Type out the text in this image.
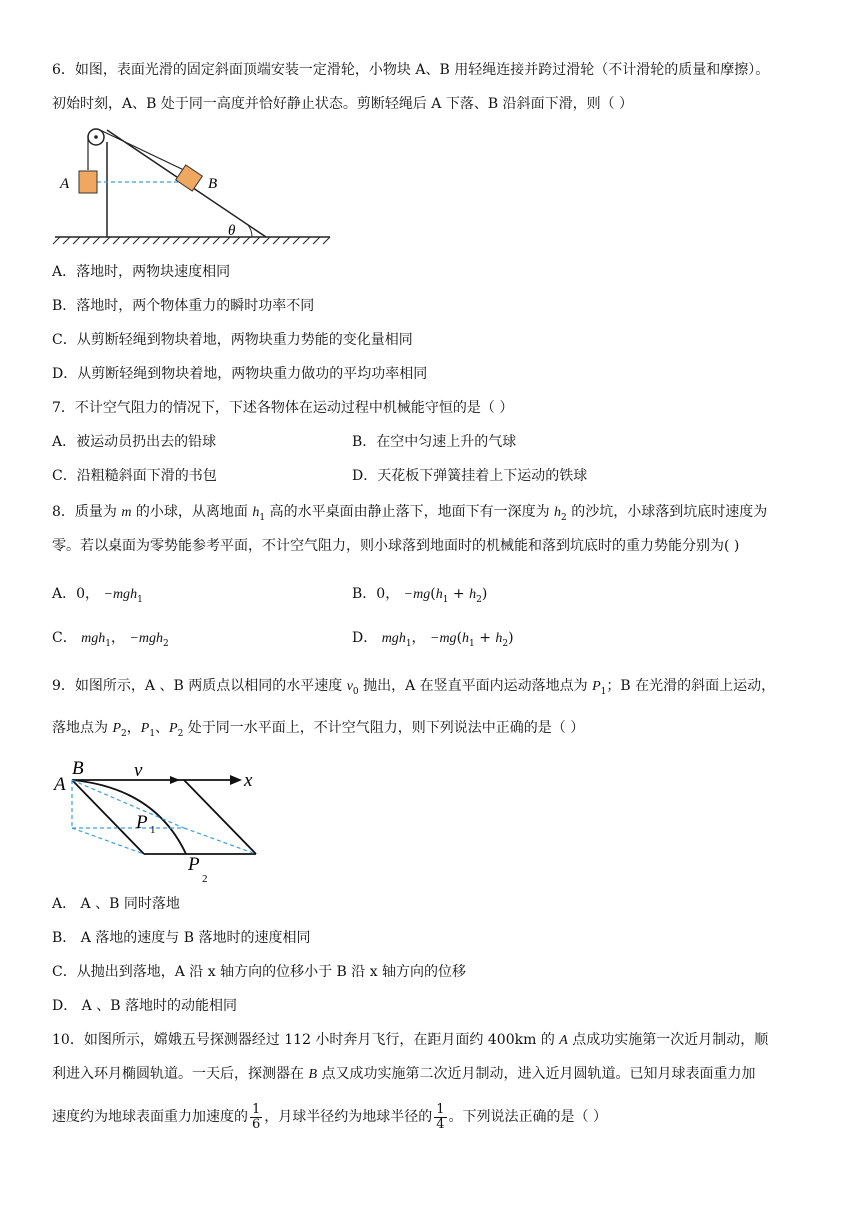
6．如图，表面光滑的固定斜面顶端安装一定滑轮，小物块 A、B 用轻绳连接并跨过滑轮（不计滑轮的质量和摩擦）。
初始时刻，A、B 处于同一高度并恰好静止状态。剪断轻绳后 A 下落、B 沿斜面下滑，则（ ）
A	B
θ
A．落地时，两物块速度相同
B．落地时，两个物体重力的瞬时功率不同
C．从剪断轻绳到物块着地，两物块重力势能的变化量相同
D．从剪断轻绳到物块着地，两物块重力做功的平均功率相同
7．不计空气阻力的情况下，下述各物体在运动过程中机械能守恒的是（ ）
A．被运动员扔出去的铅球	B．在空中匀速上升的气球
C．沿粗糙斜面下滑的书包	D．天花板下弹簧挂着上下运动的铁球
8．质量为 m 的小球，从离地面 $h_1$ 高的水平桌面由静止落下，地面下有一深度为 $h_2$ 的沙坑，小球落到坑底时速度为
零。若以桌面为零势能参考平面，不计空气阻力，则小球落到地面时的机械能和落到坑底时的重力势能分别为( )
A．0， −mgh$_1$	B．0， $-mg(h_1 + h_2)$
C． mgh$_1$， −mgh$_2$	D． mgh$_1$， $-mg(h_1 + h_2)$
9．如图所示，A 、B 两质点以相同的水平速度 $v_0$ 抛出，A 在竖直平面内运动落地点为 $P_1$；B 在光滑的斜面上运动，
落地点为 $P_2$，$P_1$、$P_2$ 处于同一水平面上，不计空气阻力，则下列说法中正确的是（ ）
A
B	v	x
P 1
P
2
A． A 、B 同时落地
B． A 落地的速度与 B 落地时的速度相同
C．从抛出到落地，A 沿 x 轴方向的位移小于 B 沿 x 轴方向的位移
D． A 、B 落地时的动能相同
10．如图所示，嫦娥五号探测器经过 112 小时奔月飞行，在距月面约 400km 的 A 点成功实施第一次近月制动，顺
利进入环月椭圆轨道。一天后，探测器在 B 点又成功实施第二次近月制动，进入近月圆轨道。已知月球表面重力加
速度约为地球表面重力加速度的 $\frac{1}{6}$ ，月球半径约为地球半径的 $\frac{1}{4}$ 。下列说法正确的是（ ）
